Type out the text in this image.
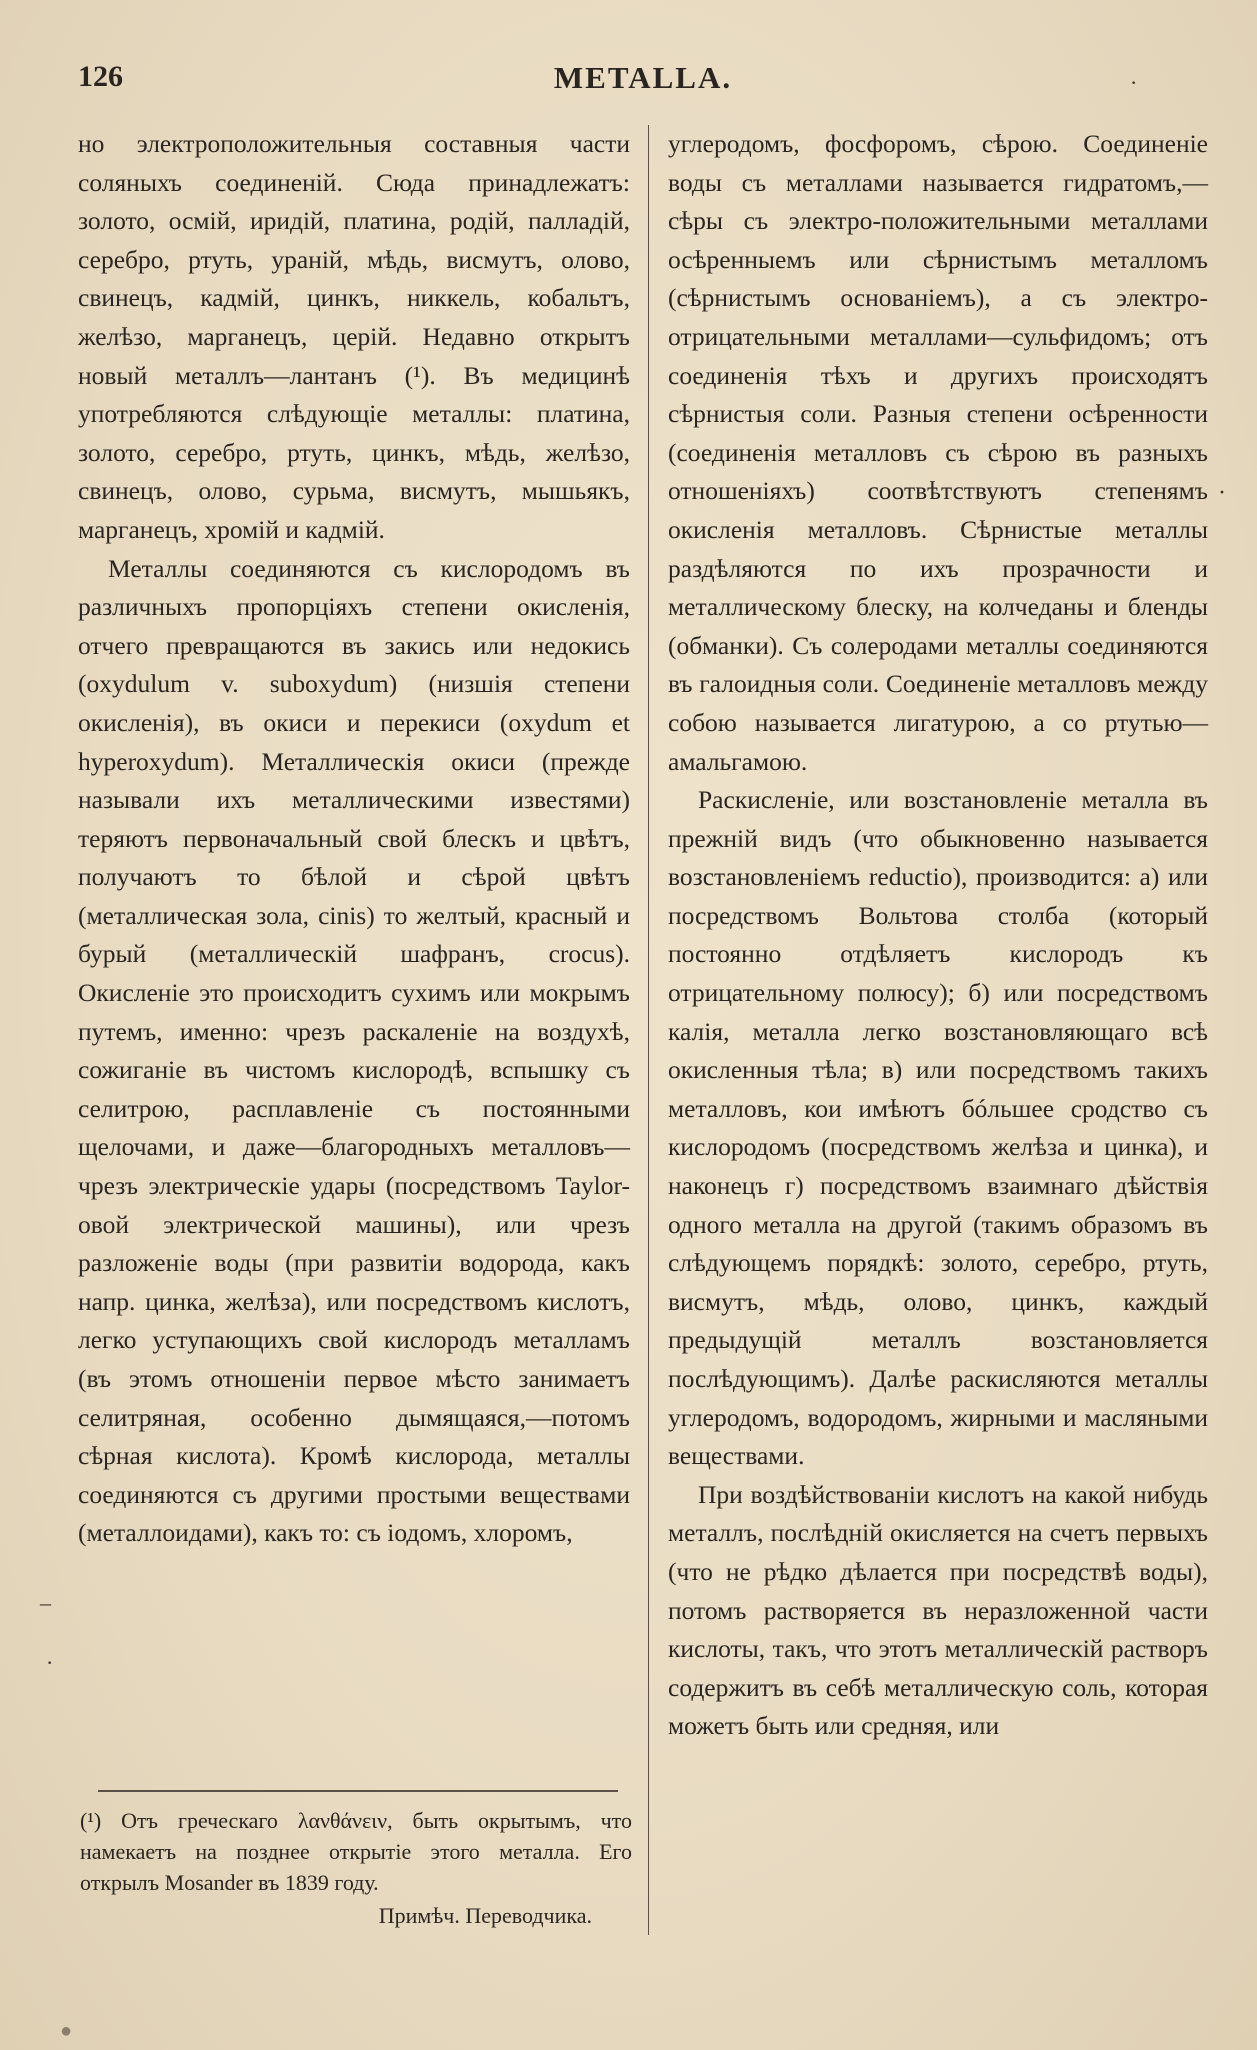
126	METALLA.

но электроположительныя составныя части соляныхъ соединенiй. Сюда принадлежатъ: золото, осмiй, иридiй, платина, родiй, палладiй, серебро, ртуть, уранiй, мѣдь, висмутъ, олово, свинецъ, кадмiй, цинкъ, никкель, кобальтъ, желѣзо, марганецъ, церiй. Недавно открытъ новый металлъ—лантанъ (¹). Въ медицинѣ употребляются слѣдующiе металлы: платина, золото, серебро, ртуть, цинкъ, мѣдь, желѣзо, свинецъ, олово, сурьма, висмутъ, мышьякъ, марганецъ, хромiй и кадмiй.

Металлы соединяются съ кислородомъ въ различныхъ пропорцiяхъ степени окисленiя, отчего превращаются въ закись или недокись (oxydulum v. suboxydum) (низшiя степени окисленiя), въ окиси и перекиси (oxydum et hyperoxydum). Металлическiя окиси (прежде называли ихъ металлическими известями) теряютъ первоначальный свой блескъ и цвѣтъ, получаютъ то бѣлой и сѣрой цвѣтъ (металлическая зола, cinis) то желтый, красный и бурый (металлическiй шафранъ, crocus). Окисленiе это происходитъ сухимъ или мокрымъ путемъ, именно: чрезъ раскаленiе на воздухѣ, сожиганiе въ чистомъ кислородѣ, вспышку съ селитрою, расплавленiе съ постоянными щелочами, и даже—благородныхъ металловъ—чрезъ электрическiе удары (посредствомъ Taylor-овой электрической машины), или чрезъ разложенiе воды (при развитiи водорода, какъ напр. цинка, желѣза), или посредствомъ кислотъ, легко уступающихъ свой кислородъ металламъ (въ этомъ отношенiи первое мѣсто занимаетъ селитряная, особенно дымящаяся,—потомъ сѣрная кислота). Кромѣ кислорода, металлы соединяются съ другими простыми веществами (металлоидами), какъ то: съ iодомъ, хлоромъ,

углеродомъ, фосфоромъ, сѣрою. Соединенiе воды съ металлами называется гидратомъ,—сѣры съ электро-положительными металлами осѣренныемъ или сѣрнистымъ металломъ (сѣрнистымъ основанiемъ), а съ электро-отрицательными металлами—сульфидомъ; отъ соединенiя тѣхъ и другихъ происходятъ сѣрнистыя соли. Разныя степени осѣренности (соединенiя металловъ съ сѣрою въ разныхъ отношенiяхъ) соотвѣтствуютъ степенямъ окисленiя металловъ. Сѣрнистые металлы раздѣляются по ихъ прозрачности и металлическому блеску, на колчеданы и бленды (обманки). Съ солеродами металлы соединяются въ галоидныя соли. Соединенiе металловъ между собою называется лигатурою, а со ртутью—амальгамою.

Раскисленiе, или возстановленiе металла въ прежнiй видъ (что обыкновенно называется возстановленiемъ reductio), производится: а) или посредствомъ Вольтова столба (который постоянно отдѣляетъ кислородъ къ отрицательному полюсу); б) или посредствомъ калiя, металла легко возстановляющаго всѣ окисленныя тѣла; в) или посредствомъ такихъ металловъ, кои имѣютъ бóльшее сродство съ кислородомъ (посредствомъ желѣза и цинка), и наконецъ г) посредствомъ взаимнаго дѣйствiя одного металла на другой (такимъ образомъ въ слѣдующемъ порядкѣ: золото, серебро, ртуть, висмутъ, мѣдь, олово, цинкъ, каждый предыдущiй металлъ возстановляется послѣдующимъ). Далѣе раскисляются металлы углеродомъ, водородомъ, жирными и масляными веществами.

При воздѣйствованiи кислотъ на какой нибудь металлъ, послѣднiй окисляется на счетъ первыхъ (что не рѣдко дѣлается при посредствѣ воды), потомъ растворяется въ неразложенной части кислоты, такъ, что этотъ металлическiй растворъ содержитъ въ себѣ металлическую соль, которая можетъ быть или средняя, или

(¹) Отъ греческаго λανθάνειν, быть окрытымъ, что намекаетъ на позднее открытiе этого металла. Его открылъ Mosander въ 1839 году.

Примѣч. Переводчика.

·
·
–
·
●
